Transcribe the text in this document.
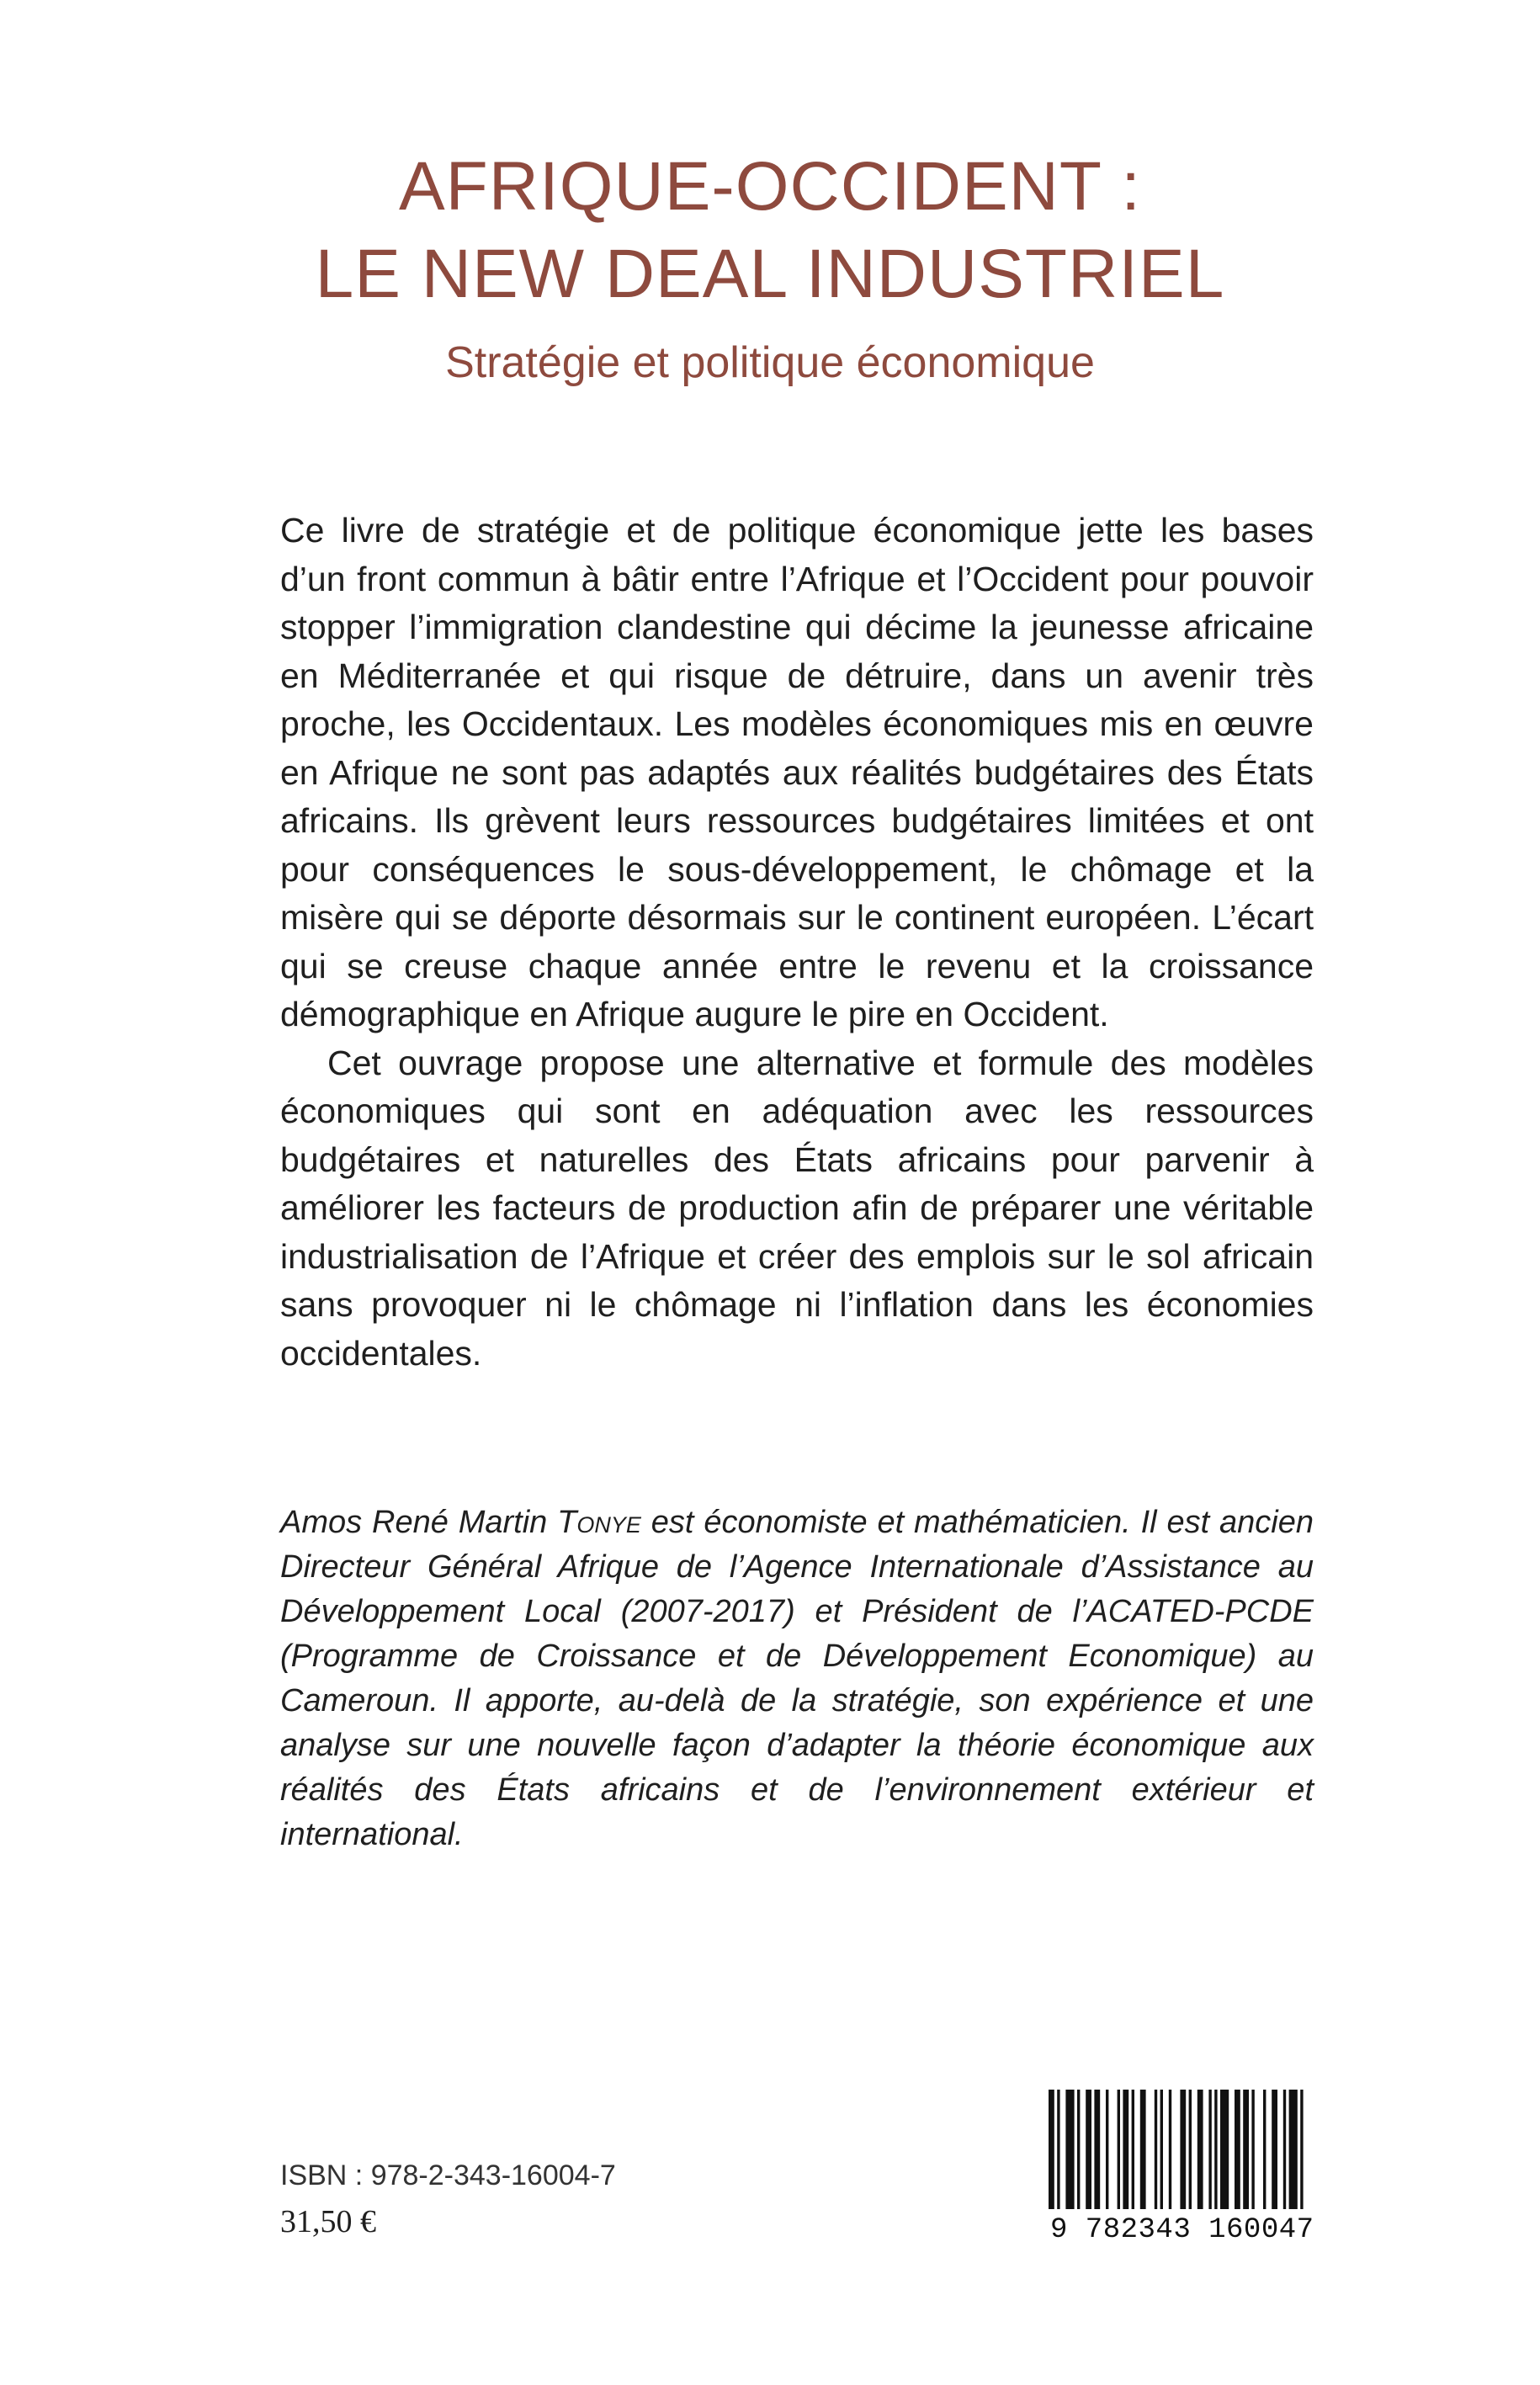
AFRIQUE-OCCIDENT :
LE NEW DEAL INDUSTRIEL
Stratégie et politique économique

Ce livre de stratégie et de politique économique jette les bases d’un front commun à bâtir entre l’Afrique et l’Occident pour pouvoir stopper l’immigration clandestine qui décime la jeunesse africaine en Méditerranée et qui risque de détruire, dans un avenir très proche, les Occidentaux. Les modèles économiques mis en œuvre en Afrique ne sont pas adaptés aux réalités budgétaires des États africains. Ils grèvent leurs ressources budgétaires limitées et ont pour conséquences le sous-développement, le chômage et la misère qui se déporte désormais sur le continent européen. L’écart qui se creuse chaque année entre le revenu et la croissance démographique en Afrique augure le pire en Occident.

Cet ouvrage propose une alternative et formule des modèles économiques qui sont en adéquation avec les ressources budgétaires et naturelles des États africains pour parvenir à améliorer les facteurs de production afin de préparer une véritable industrialisation de l’Afrique et créer des emplois sur le sol africain sans provoquer ni le chômage ni l’inflation dans les économies occidentales.

Amos René Martin Tonye est économiste et mathématicien. Il est ancien Directeur Général Afrique de l’Agence Internationale d’Assistance au Développement Local (2007-2017) et Président de l’ACATED-PCDE (Programme de Croissance et de Développement Economique) au Cameroun. Il apporte, au-delà de la stratégie, son expérience et une analyse sur une nouvelle façon d’adapter la théorie économique aux réalités des États africains et de l’environnement extérieur et international.

ISBN : 978-2-343-16004-7
31,50 €	9 782343 160047
